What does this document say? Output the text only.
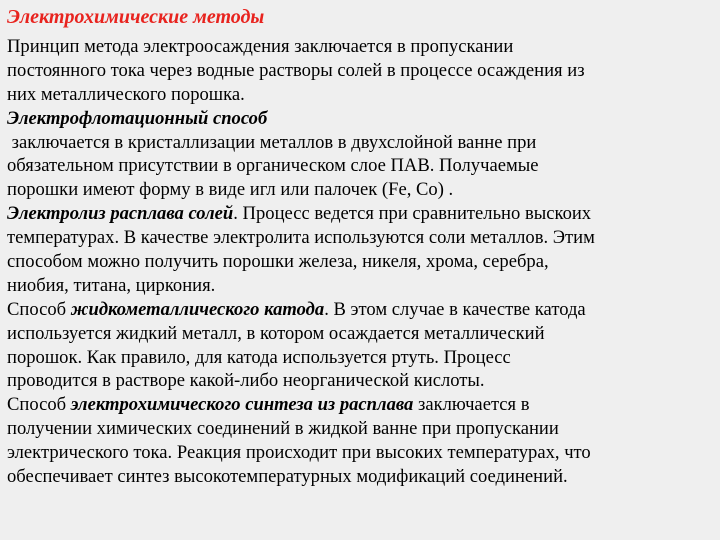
Электрохимические методы
Принцип метода электроосаждения заключается в пропускании
постоянного тока через водные растворы солей в процессе осаждения из
них металлического порошка.
Электрофлотационный способ
заключается в кристаллизации металлов в двухслойной ванне при
обязательном присутствии в органическом слое ПАВ. Получаемые
порошки имеют форму в виде игл или палочек (Fe, Co) .
Электролиз расплава солей. Процесс ведется при сравнительно выскоих
температурах. В качестве электролита используются соли металлов. Этим
способом можно получить порошки железа, никеля, хрома, серебра,
ниобия, титана, циркония.
Способ жидкометаллического катода. В этом случае в качестве катода
используется жидкий металл, в котором осаждается металлический
порошок. Как правило, для катода используется ртуть. Процесс
проводится в растворе какой-либо неорганической кислоты.
Способ электрохимического синтеза из расплава заключается в
получении химических соединений в жидкой ванне при пропускании
электрического тока. Реакция происходит при высоких температурах, что
обеспечивает синтез высокотемпературных модификаций соединений.
